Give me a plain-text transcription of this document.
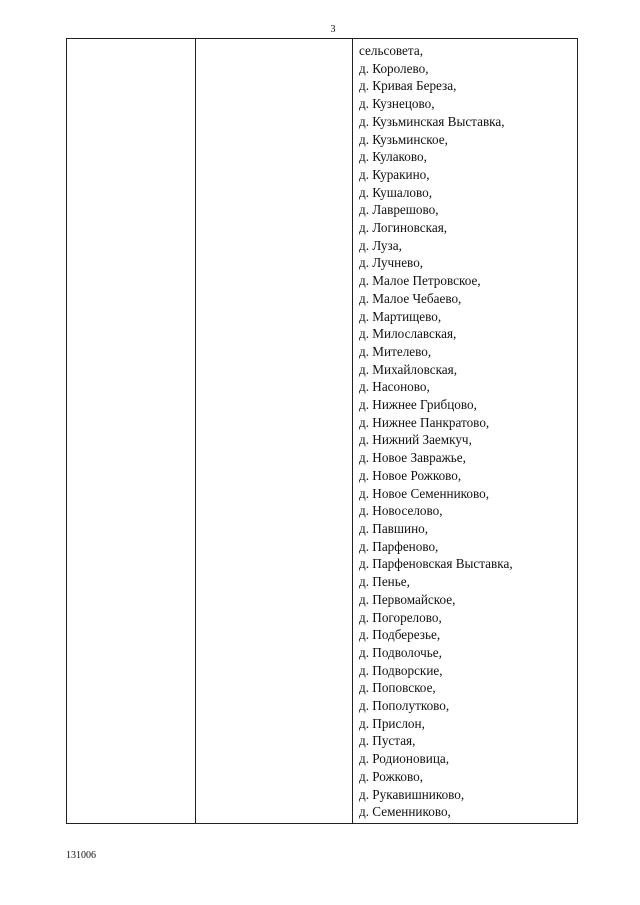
3
сельсовета,
д. Королево,
д. Кривая Береза,
д. Кузнецово,
д. Кузьминская Выставка,
д. Кузьминское,
д. Кулаково,
д. Куракино,
д. Кушалово,
д. Лаврешово,
д. Логиновская,
д. Луза,
д. Лучнево,
д. Малое Петровское,
д. Малое Чебаево,
д. Мартищево,
д. Милославская,
д. Мителево,
д. Михайловская,
д. Насоново,
д. Нижнее Грибцово,
д. Нижнее Панкратово,
д. Нижний Заемкуч,
д. Новое Завражье,
д. Новое Рожково,
д. Новое Семенниково,
д. Новоселово,
д. Павшино,
д. Парфеново,
д. Парфеновская Выставка,
д. Пенье,
д. Первомайское,
д. Погорелово,
д. Подберезье,
д. Подволочье,
д. Подворские,
д. Поповское,
д. Пополутково,
д. Прислон,
д. Пустая,
д. Родионовица,
д. Рожково,
д. Рукавишниково,
д. Семенниково,
131006
